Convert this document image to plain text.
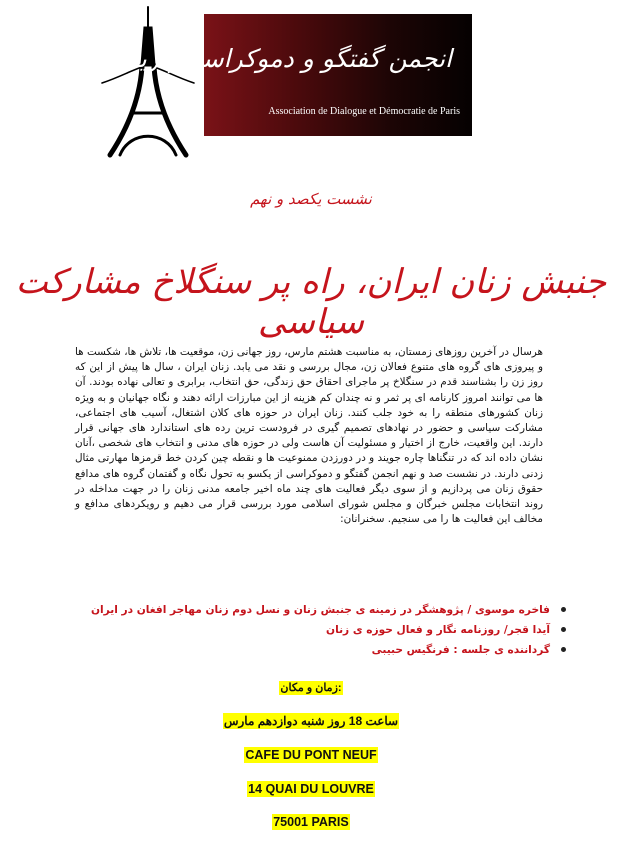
انجمن گفتگو و دموکراسی-پاریس
Association de Dialogue et Démocratie de Paris
نشست یکصد و نهم
جنبش زنان ایران، راه پر سنگلاخ مشارکت سیاسی

هرسال در آخرین روزهای زمستان، به مناسبت هشتم مارس، روز جهانی زن، موقعیت ها، تلاش ها، شکست ها و پیروزی های گروه های متنوع فعالان زن، مجال بررسی و نقد می یابد. زنان ایران ، سال ها پیش از این که روز زن را بشناسند قدم در سنگلاخ پر ماجرای احقاق حق زندگی، حق انتخاب، برابری و تعالی نهاده بودند. آن ها می توانند امروز کارنامه ای پر ثمر و نه چندان کم هزینه از این مبارزات ارائه دهند و نگاه جهانیان و به ویژه زنان کشورهای منطقه را به خود جلب کنند. زنان ایران در حوزه های کلان اشتغال، آسیب های اجتماعی، مشارکت سیاسی و حضور در نهادهای تصمیم گیری در فرودست ترین رده های استاندارد های جهانی قرار دارند. این واقعیت، خارج از اختیار و مسئولیت آن هاست ولی در حوزه های مدنی و انتخاب های شخصی ،آنان نشان داده اند که در تنگناها چاره جویند و در دورزدن ممنوعیت ها و نقطه چین کردن خط قرمزها مهارتی مثال زدنی دارند. در نشست صد و نهم انجمن گفتگو و دموکراسی از یکسو به تحول نگاه و گفتمان گروه های مدافع حقوق زنان می پردازیم و از سوی دیگر فعالیت های چند ماه اخیر جامعه مدنی زنان را در جهت مداخله در روند انتخابات مجلس خبرگان و مجلس شورای اسلامی مورد بررسی قرار می دهیم و رویکردهای مدافع و مخالف این فعالیت ها را می سنجیم. سخنرانان:

فاخره موسوی / پژوهشگر در زمینه ی جنبش زنان و نسل دوم زنان مهاجر افغان در ایران
آیدا قجر/ روزنامه نگار و فعال حوزه ی زنان
گرداننده ی جلسه : فرنگیس حبیبی
زمان و مکان:
ساعت 18 روز شنبه دوازدهم مارس
CAFE DU PONT NEUF
14 QUAI DU LOUVRE
75001 PARIS
